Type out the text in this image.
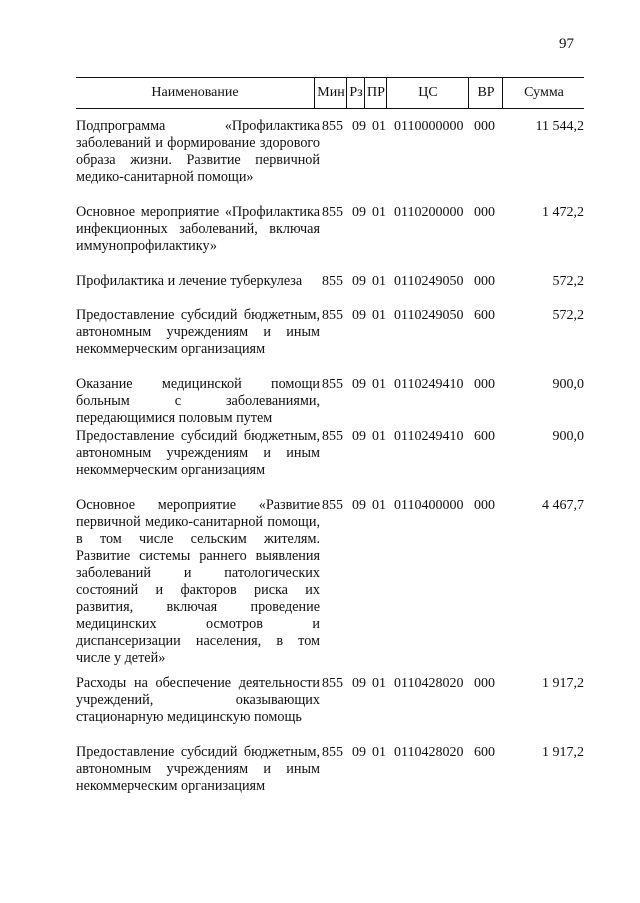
97
Наименование	Мин Рз ПР	ЦС	ВР	Сумма
Подпрограмма «Профилактика заболеваний и формирование здорового образа жизни. Развитие первичной медико-санитарной помощи»
855 09 01 0110000000 000	11 544,2
Основное мероприятие «Профилактика инфекционных заболеваний, включая иммунопрофилактику»
855 09 01 0110200000 000	1 472,2
Профилактика и лечение туберкулеза	855 09 01 0110249050 000	572,2
Предоставление субсидий бюджетным, автономным учреждениям и иным некоммерческим организациям
855 09 01 0110249050 600	572,2
Оказание медицинской помощи больным с заболеваниями, передающимися половым путем
855 09 01 0110249410 000	900,0
Предоставление субсидий бюджетным, автономным учреждениям и иным некоммерческим организациям
855 09 01 0110249410 600	900,0
Основное мероприятие «Развитие первичной медико-санитарной помощи, в том числе сельским жителям. Развитие системы раннего выявления заболеваний и патологических состояний и факторов риска их развития, включая проведение медицинских осмотров и диспансеризации населения, в том числе у детей»
855 09 01 0110400000 000	4 467,7
Расходы на обеспечение деятельности учреждений, оказывающих стационарную медицинскую помощь
855 09 01 0110428020 000	1 917,2
Предоставление субсидий бюджетным, автономным учреждениям и иным некоммерческим организациям
855 09 01 0110428020 600	1 917,2
